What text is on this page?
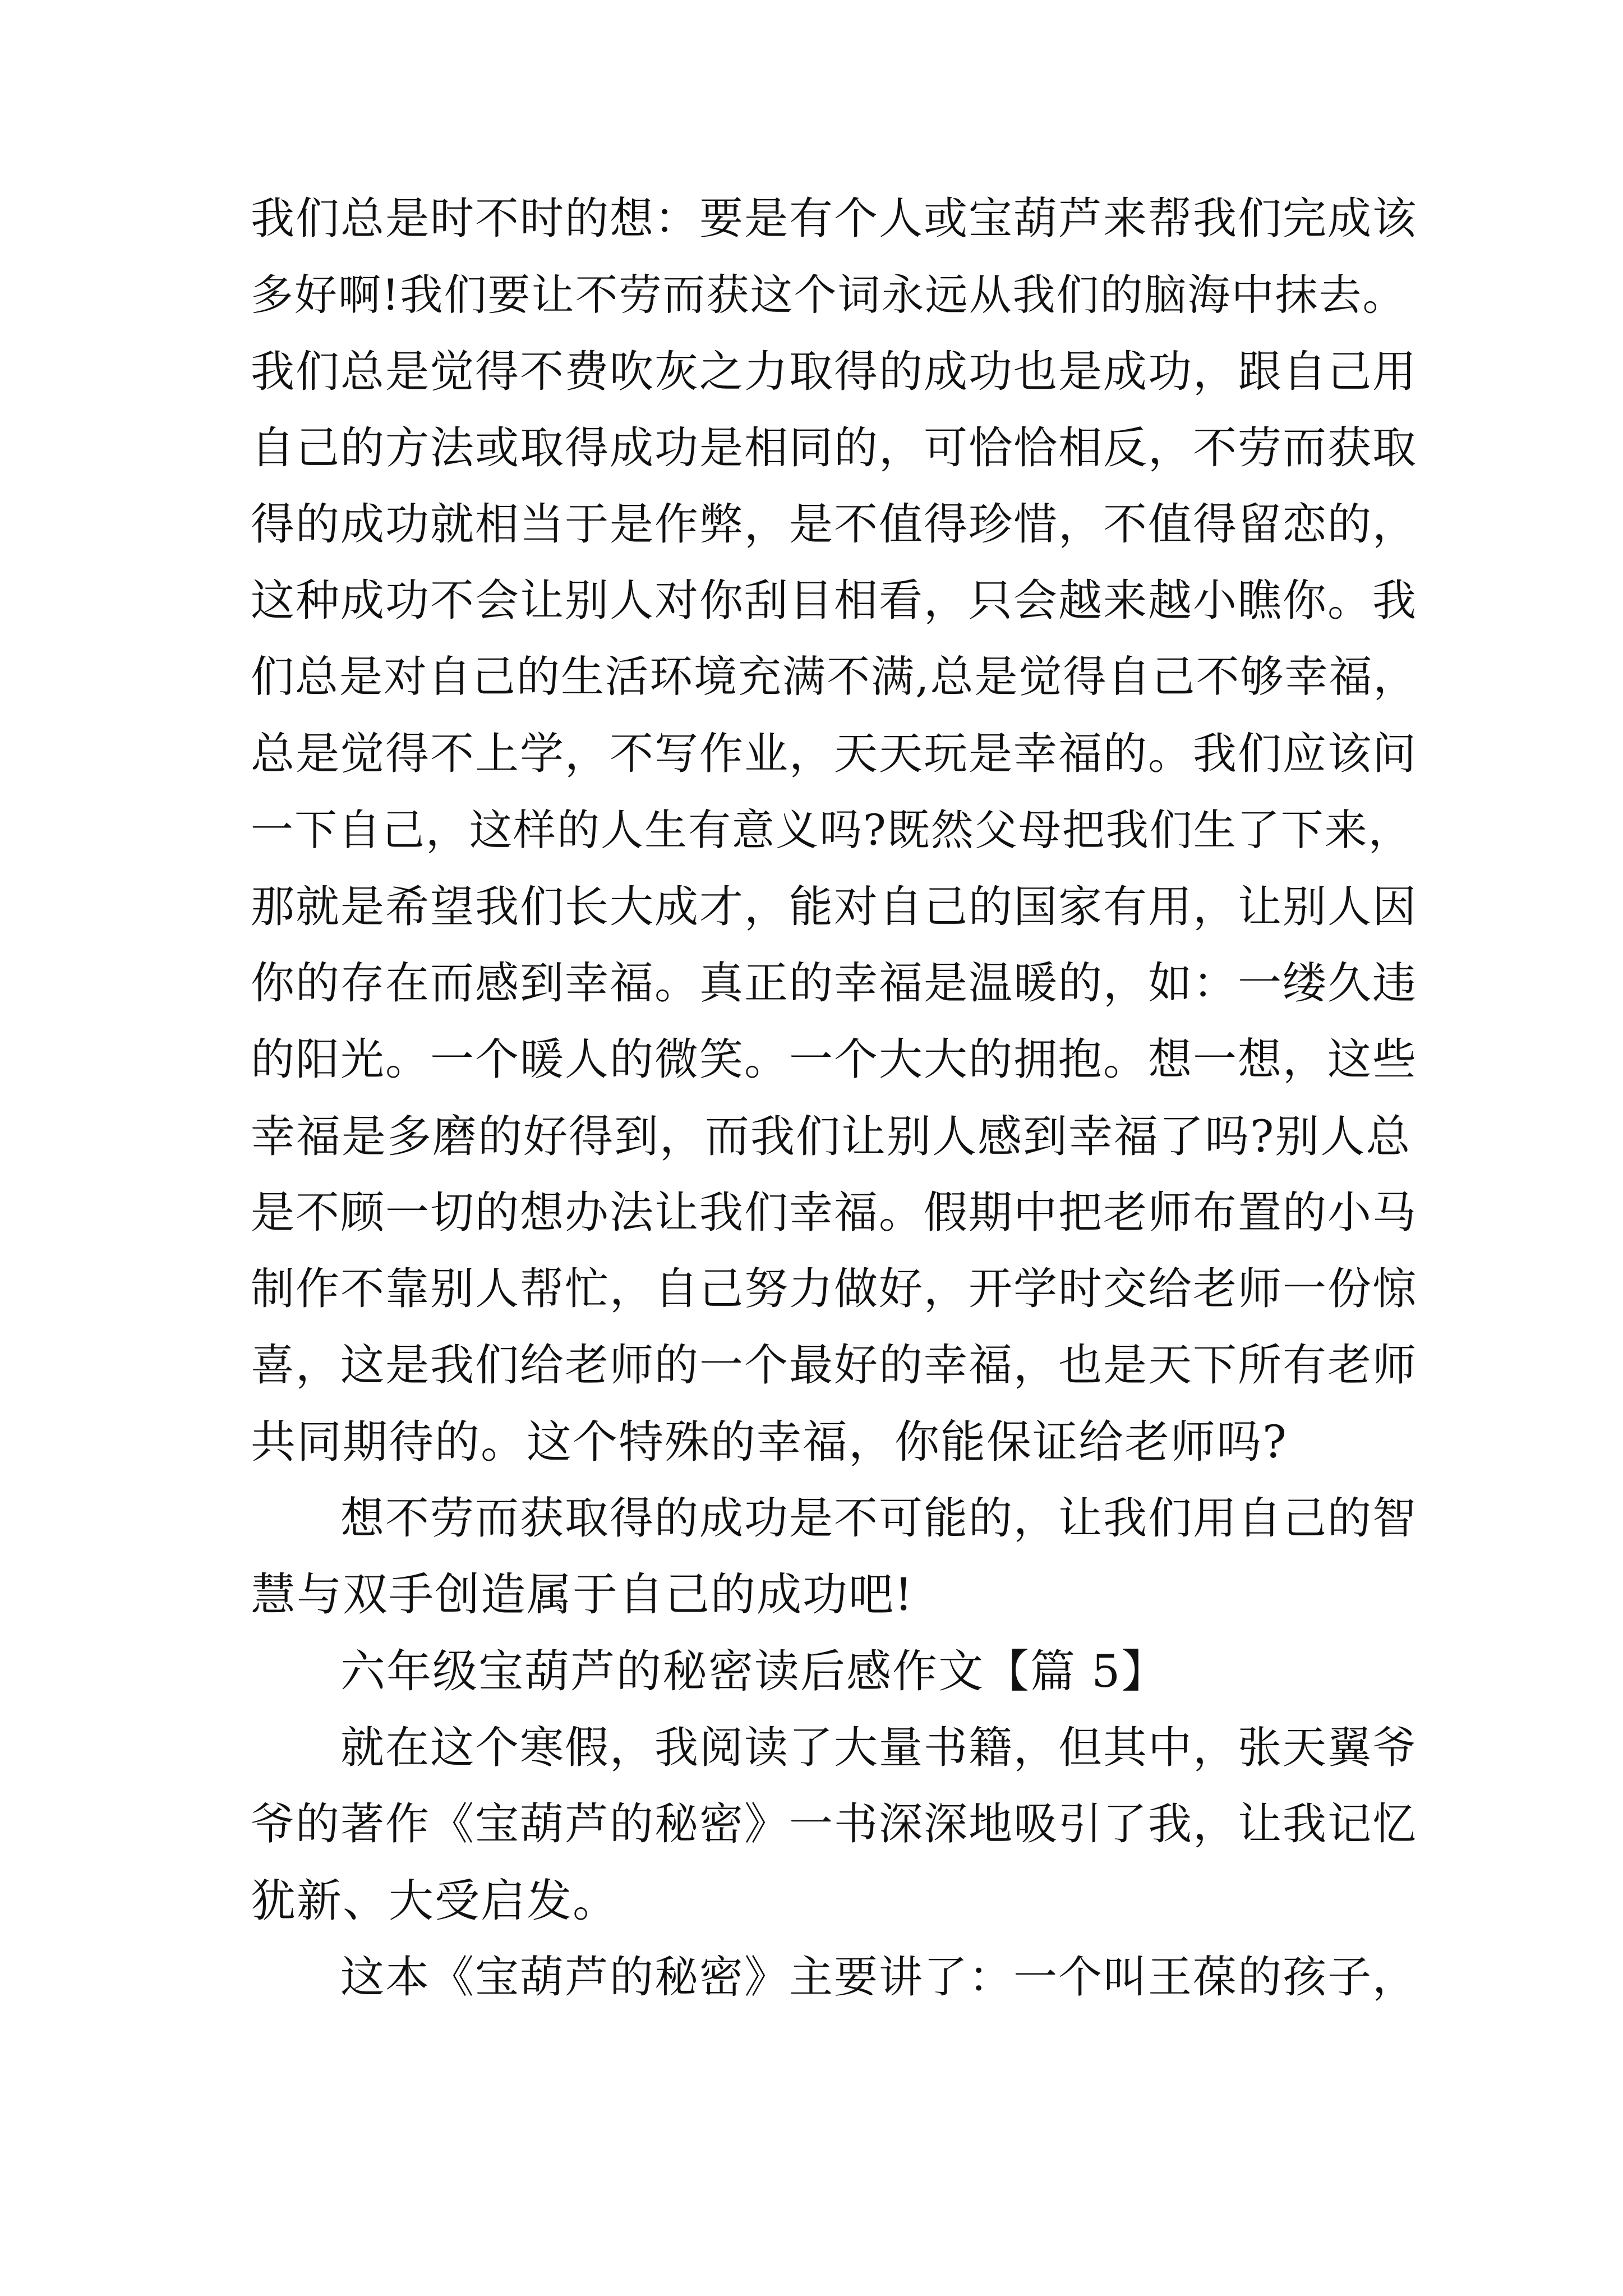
我们总是时不时的想：要是有个人或宝葫芦来帮我们完成该
多好啊!我们要让不劳而获这个词永远从我们的脑海中抹去。
我们总是觉得不费吹灰之力取得的成功也是成功，跟自己用
自己的方法或取得成功是相同的，可恰恰相反，不劳而获取
得的成功就相当于是作弊，是不值得珍惜，不值得留恋的，
这种成功不会让别人对你刮目相看，只会越来越小瞧你。我
们总是对自己的生活环境充满不满,总是觉得自己不够幸福，
总是觉得不上学，不写作业，天天玩是幸福的。我们应该问
一下自己，这样的人生有意义吗?既然父母把我们生了下来，
那就是希望我们长大成才，能对自己的国家有用，让别人因
你的存在而感到幸福。真正的幸福是温暖的，如：一缕久违
的阳光。一个暖人的微笑。一个大大的拥抱。想一想，这些
幸福是多磨的好得到，而我们让别人感到幸福了吗?别人总
是不顾一切的想办法让我们幸福。假期中把老师布置的小马
制作不靠别人帮忙，自己努力做好，开学时交给老师一份惊
喜，这是我们给老师的一个最好的幸福，也是天下所有老师
共同期待的。这个特殊的幸福，你能保证给老师吗?
想不劳而获取得的成功是不可能的，让我们用自己的智
慧与双手创造属于自己的成功吧!
六年级宝葫芦的秘密读后感作文【篇 5】
就在这个寒假，我阅读了大量书籍，但其中，张天翼爷
爷的著作《宝葫芦的秘密》一书深深地吸引了我，让我记忆
犹新、大受启发。
这本《宝葫芦的秘密》主要讲了：一个叫王葆的孩子，
